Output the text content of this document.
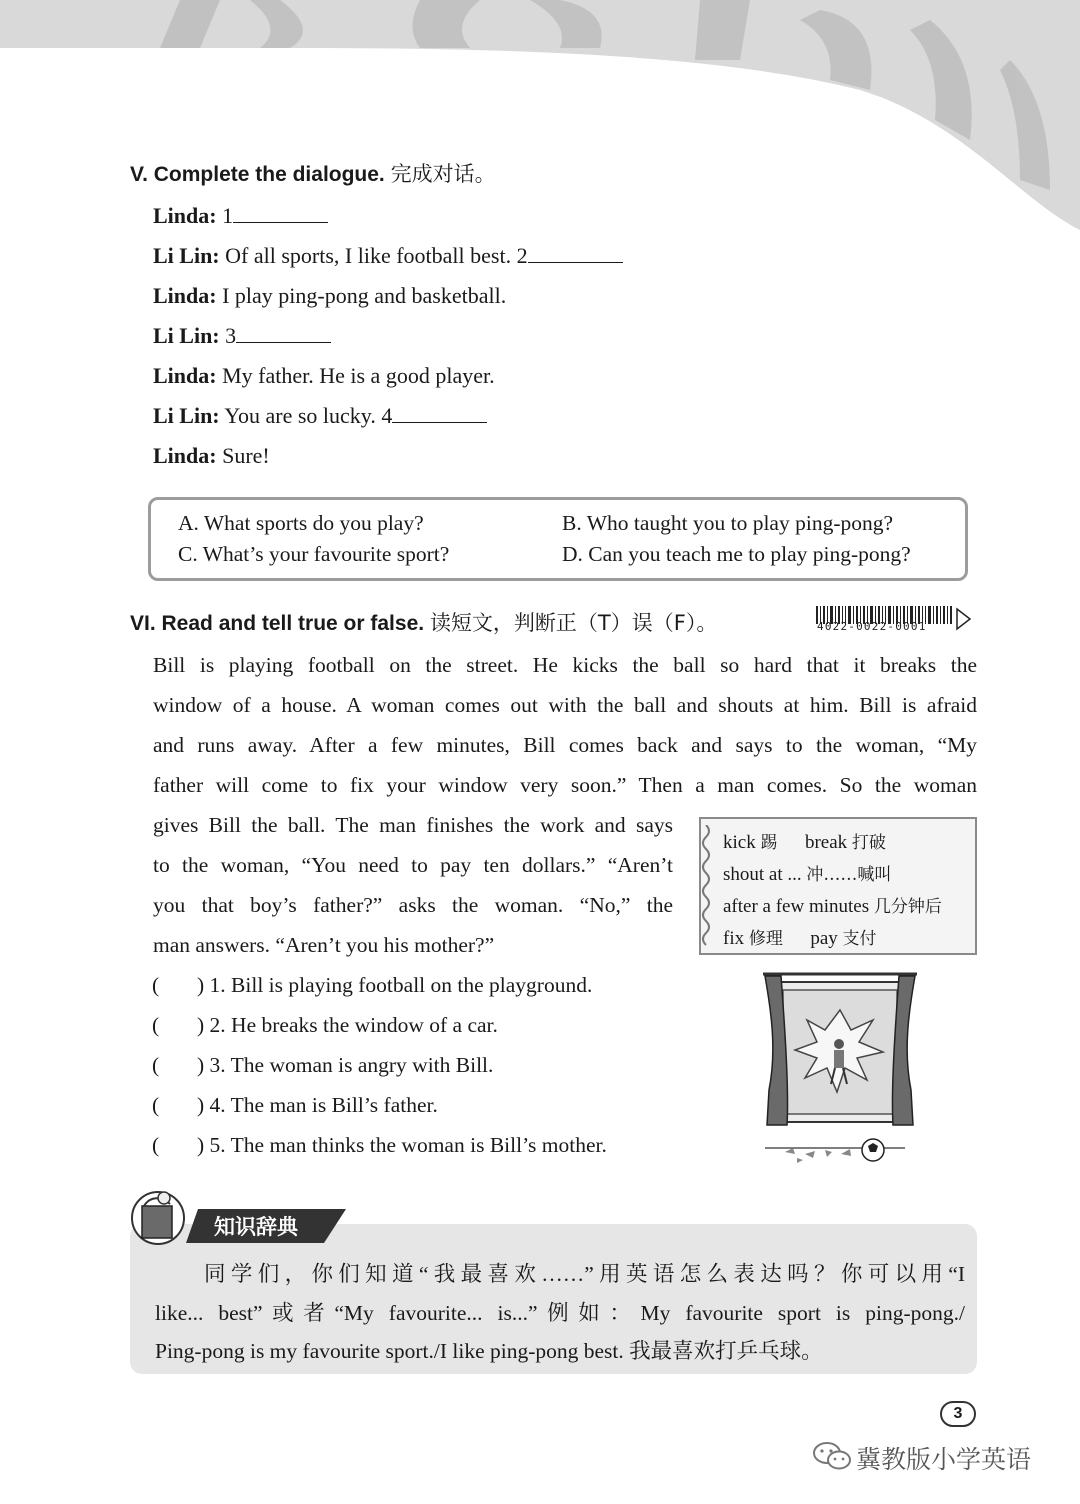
V. Complete the dialogue. 完成对话。
Linda: 1
Li Lin: Of all sports, I like football best. 2
Linda: I play ping-pong and basketball.
Li Lin: 3
Linda: My father. He is a good player.
Li Lin: You are so lucky. 4
Linda: Sure!
A. What sports do you play?	B. Who taught you to play ping-pong?
C. What’s your favourite sport?	D. Can you teach me to play ping-pong?
VI. Read and tell true or false. 读短文，判断正（T）误（F）。	4022-0022-0001
Bill is playing football on the street. He kicks the ball so hard that it breaks the
window of a house. A woman comes out with the ball and shouts at him. Bill is afraid
and runs away. After a few minutes, Bill comes back and says to the woman, “My
father will come to fix your window very soon.” Then a man comes. So the woman
gives Bill the ball. The man finishes the work and says
to the woman, “You need to pay ten dollars.” “Aren’t
you that boy’s father?” asks the woman. “No,” the
man answers. “Aren’t you his mother?”
kick 踢 break 打破
shout at ... 冲……喊叫
after a few minutes 几分钟后
fix 修理 pay 支付
( ) 1. Bill is playing football on the playground.
( ) 2. He breaks the window of a car.
( ) 3. The woman is angry with Bill.
( ) 4. The man is Bill’s father.
( ) 5. The man thinks the woman is Bill’s mother.
知识辞典
同学们，你们知道“我最喜欢……”用英语怎么表达吗？你可以用“I
like... best”或者“My favourite... is...”例如：My favourite sport is ping-pong./
Ping-pong is my favourite sport./I like ping-pong best. 我最喜欢打乒乓球。
3
冀教版小学英语
